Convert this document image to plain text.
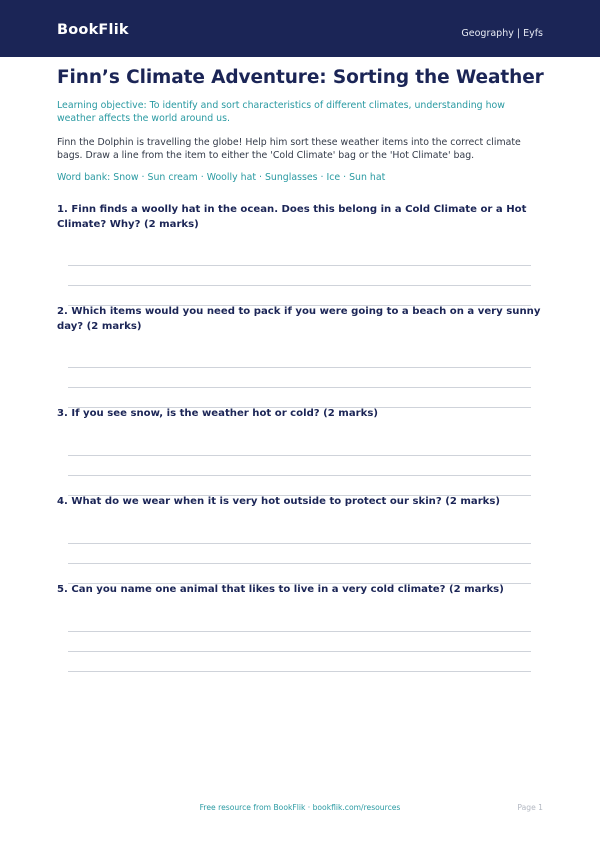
BookFlik	Geography | Eyfs
Finn’s Climate Adventure: Sorting the Weather

Learning objective: To identify and sort characteristics of different climates, understanding how weather affects the world around us.

Finn the Dolphin is travelling the globe! Help him sort these weather items into the correct climate bags. Draw a line from the item to either the 'Cold Climate' bag or the 'Hot Climate' bag.

Word bank: Snow · Sun cream · Woolly hat · Sunglasses · Ice · Sun hat

1. Finn finds a woolly hat in the ocean. Does this belong in a Cold Climate or a Hot Climate? Why? (2 marks)

2. Which items would you need to pack if you were going to a beach on a very sunny day? (2 marks)

3. If you see snow, is the weather hot or cold? (2 marks)

4. What do we wear when it is very hot outside to protect our skin? (2 marks)

5. Can you name one animal that likes to live in a very cold climate? (2 marks)

Free resource from BookFlik · bookflik.com/resources	Page 1
